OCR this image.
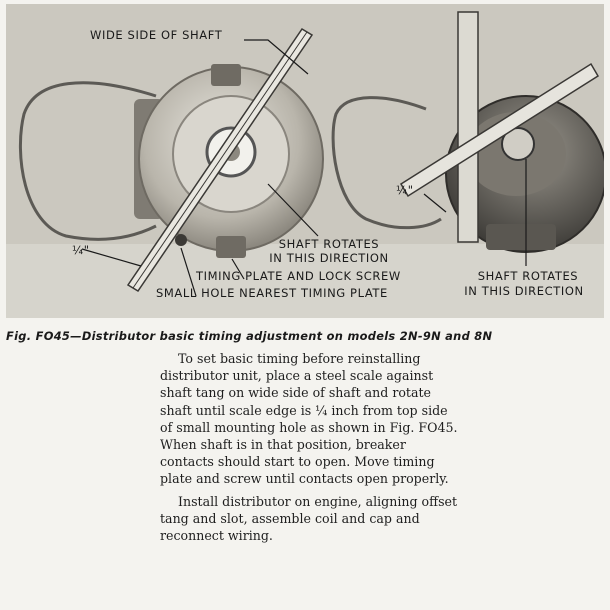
WIDE SIDE OF SHAFT
¼"
¼"
SHAFT ROTATES
IN THIS DIRECTION
TIMING PLATE AND LOCK SCREW
SMALL HOLE NEAREST TIMING PLATE
SHAFT ROTATES
IN THIS DIRECTION
Fig. FO45—Distributor basic timing adjustment on models 2N-9N and 8N

To set basic timing before reinstalling distributor unit, place a steel scale against shaft tang on wide side of shaft and rotate shaft until scale edge is ¼ inch from top side of small mounting hole as shown in Fig. FO45. When shaft is in that position, breaker contacts should start to open. Move timing plate and screw until contacts open properly.

Install distributor on engine, aligning offset tang and slot, assemble coil and cap and reconnect wiring.
